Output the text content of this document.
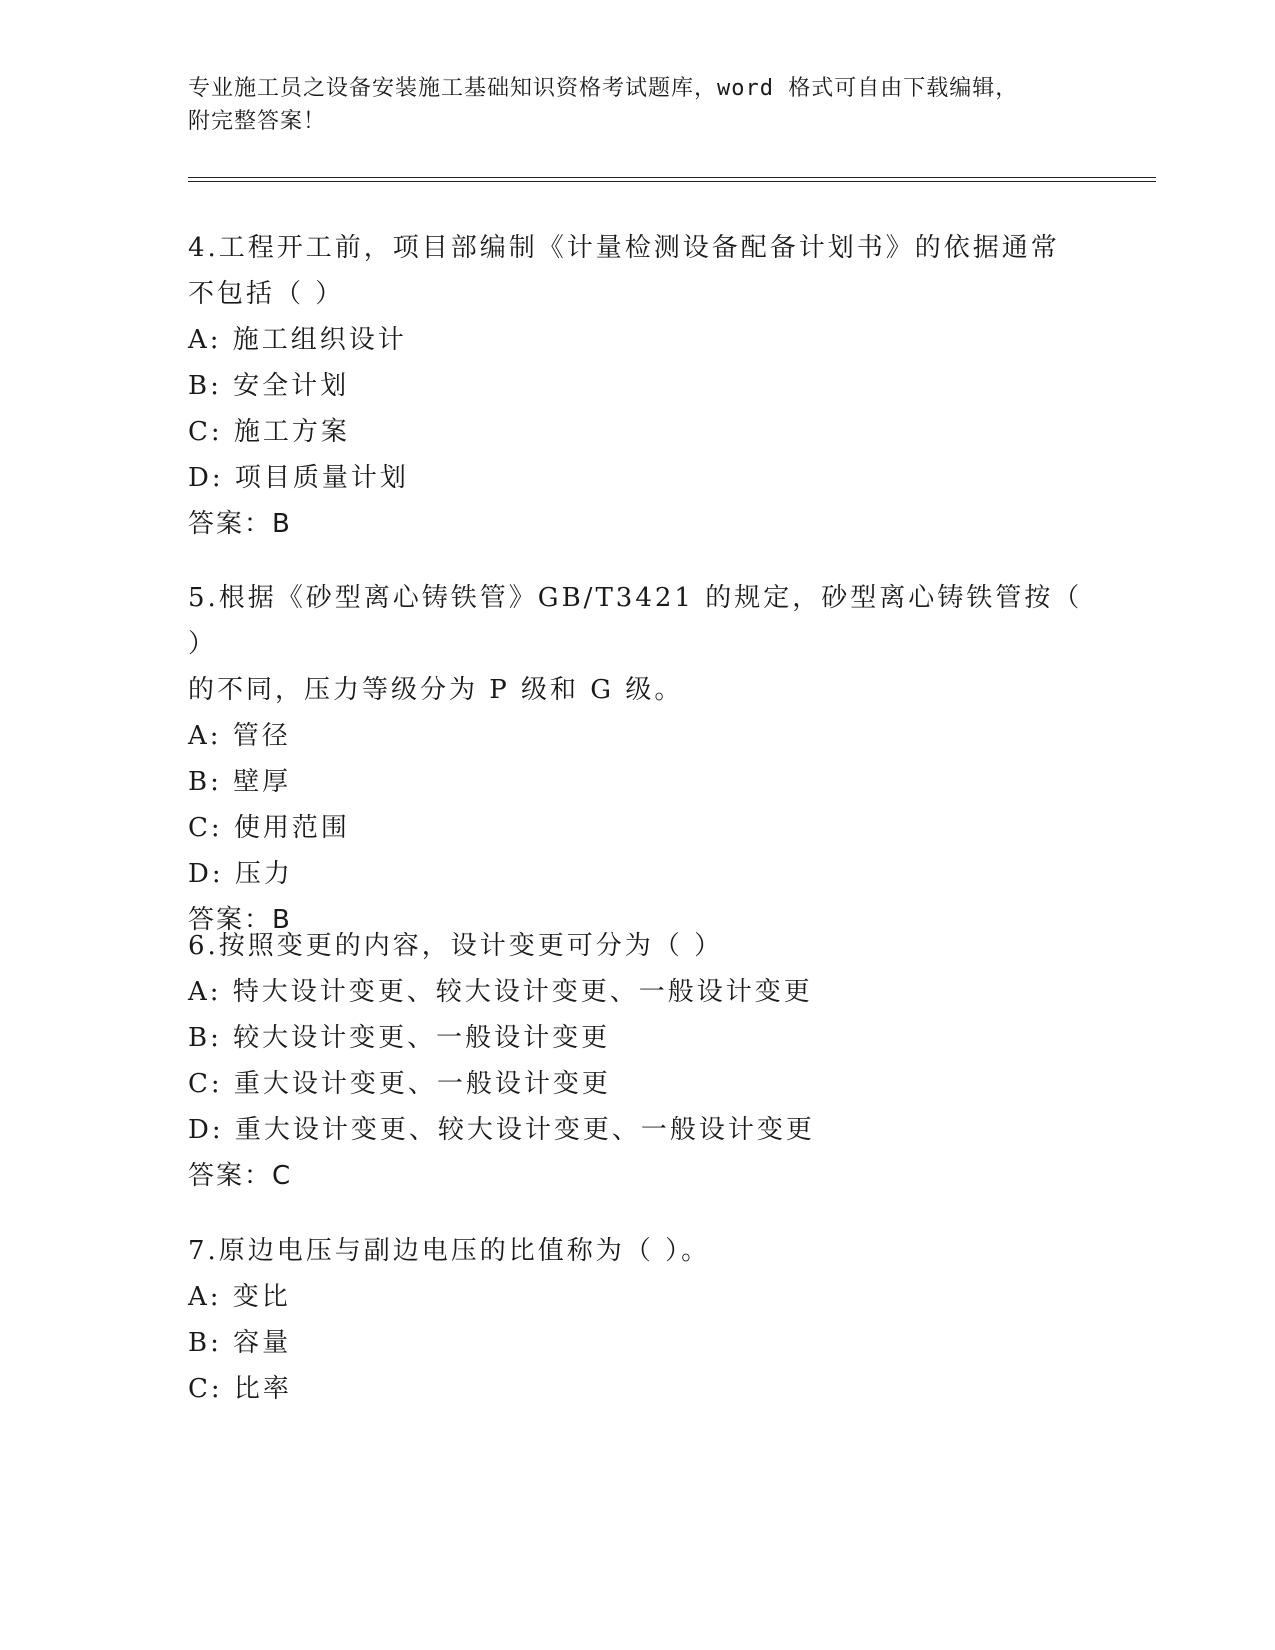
专业施工员之设备安装施工基础知识资格考试题库，word 格式可自由下载编辑，
附完整答案！

4.工程开工前，项目部编制《计量检测设备配备计划书》的依据通常

不包括（ ）

A: 施工组织设计

B: 安全计划

C: 施工方案

D: 项目质量计划

答案：B

5.根据《砂型离心铸铁管》GB/T3421 的规定，砂型离心铸铁管按（ ）

的不同，压力等级分为 P 级和 G 级。

A: 管径

B: 壁厚

C: 使用范围

D: 压力

答案：B

6.按照变更的内容，设计变更可分为（ ）

A: 特大设计变更、较大设计变更、一般设计变更

B: 较大设计变更、一般设计变更

C: 重大设计变更、一般设计变更

D: 重大设计变更、较大设计变更、一般设计变更

答案：C

7.原边电压与副边电压的比值称为（ ）。

A: 变比

B: 容量

C: 比率
